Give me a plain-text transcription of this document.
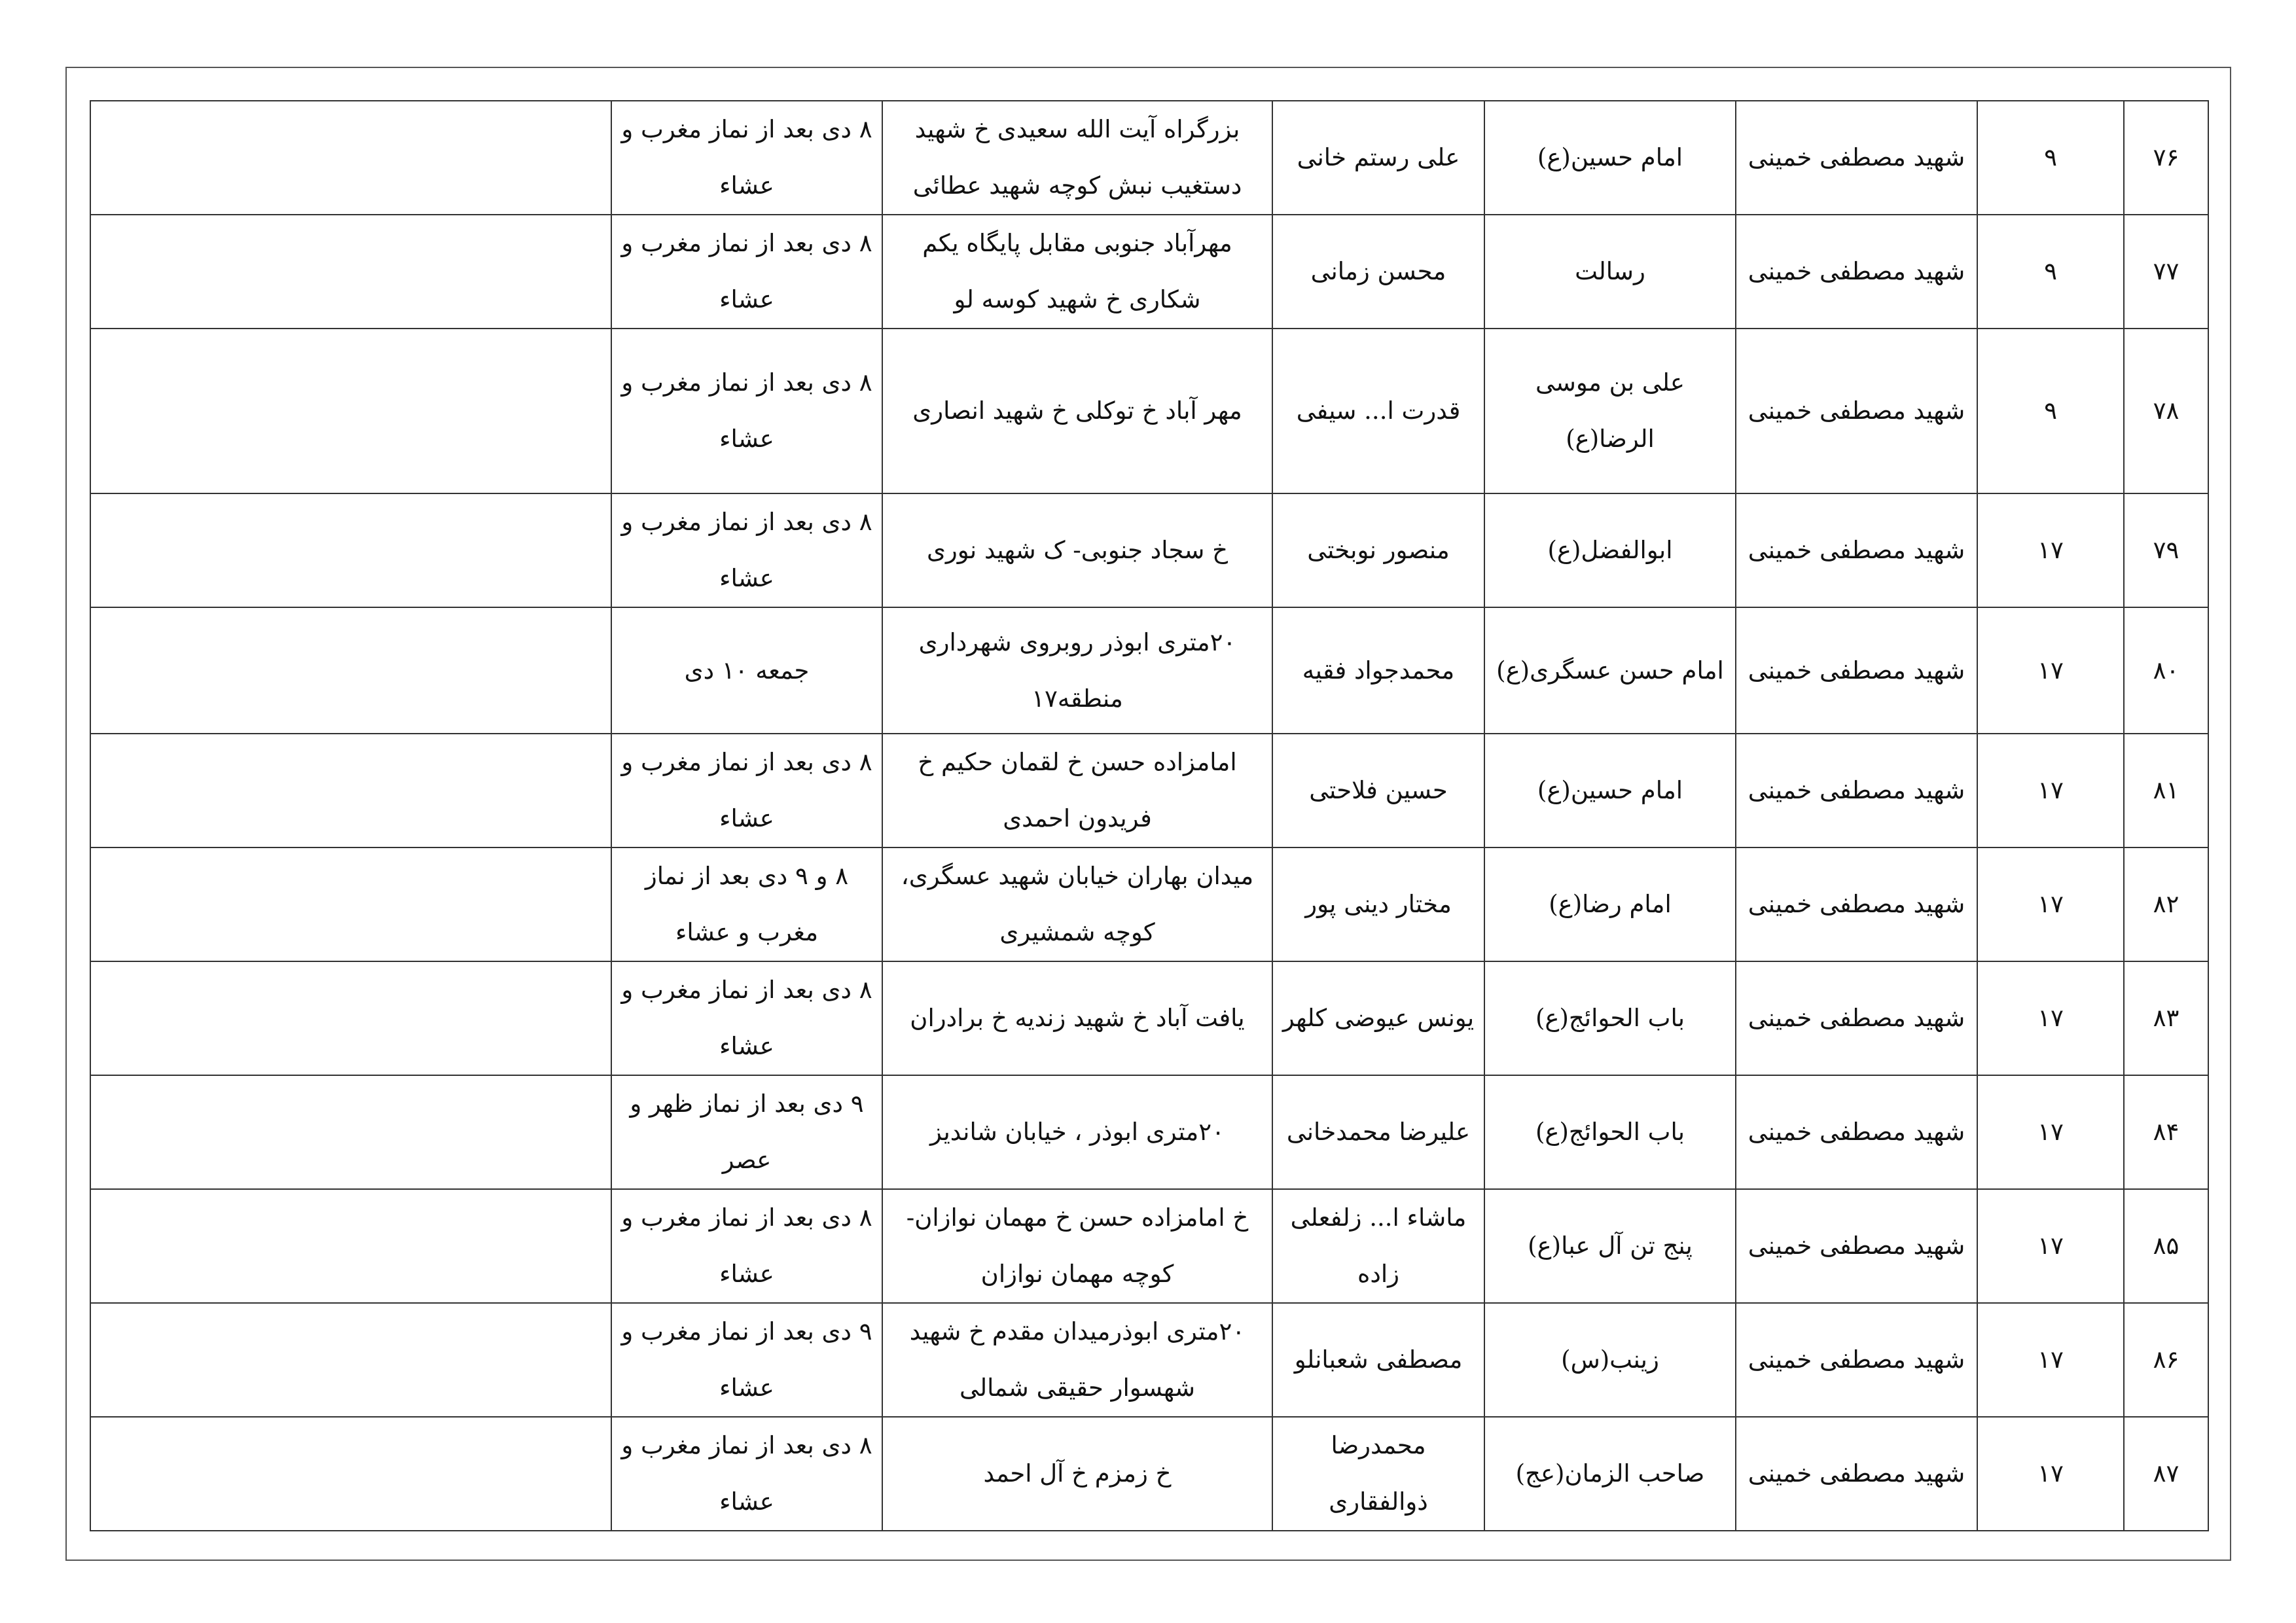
	۸ دی بعد از نماز مغرب و عشاء	بزرگراه آیت الله سعیدی خ شهید دستغیب نبش کوچه شهید عطائی	علی رستم خانی	امام حسین(ع)	شهید مصطفی خمینی	۹	۷۶
	۸ دی بعد از نماز مغرب و عشاء	مهرآباد جنوبی مقابل پایگاه یکم شکاری خ شهید کوسه لو	محسن زمانی	رسالت	شهید مصطفی خمینی	۹	۷۷
	۸ دی بعد از نماز مغرب و عشاء	مهر آباد خ توکلی خ شهید انصاری	قدرت ا... سیفی	علی بن موسی الرضا(ع)	شهید مصطفی خمینی	۹	۷۸
	۸ دی بعد از نماز مغرب و عشاء	خ سجاد جنوبی- ک شهید نوری	منصور نوبختی	ابوالفضل(ع)	شهید مصطفی خمینی	۱۷	۷۹
	جمعه ۱۰ دی	۲۰متری ابوذر روبروی شهرداری منطقه۱۷	محمدجواد فقیه	امام حسن عسگری(ع)	شهید مصطفی خمینی	۱۷	۸۰
	۸ دی بعد از نماز مغرب و عشاء	امامزاده حسن خ لقمان حکیم خ فریدون احمدی	حسین فلاحتی	امام حسین(ع)	شهید مصطفی خمینی	۱۷	۸۱
	۸ و ۹ دی بعد از نماز مغرب و عشاء	میدان بهاران خیابان شهید عسگری، کوچه شمشیری	مختار دینی پور	امام رضا(ع)	شهید مصطفی خمینی	۱۷	۸۲
	۸ دی بعد از نماز مغرب و عشاء	یافت آباد خ شهید زندیه خ برادران	یونس عیوضی کلهر	باب الحوائج(ع)	شهید مصطفی خمینی	۱۷	۸۳
	۹ دی بعد از نماز ظهر و عصر	۲۰متری ابوذر ، خیابان شاندیز	علیرضا محمدخانی	باب الحوائج(ع)	شهید مصطفی خمینی	۱۷	۸۴
	۸ دی بعد از نماز مغرب و عشاء	خ امامزاده حسن خ مهمان نوازان- کوچه مهمان نوازان	ماشاء ا... زلفعلی زاده	پنج تن آل عبا(ع)	شهید مصطفی خمینی	۱۷	۸۵
	۹ دی بعد از نماز مغرب و عشاء	۲۰متری ابوذرمیدان مقدم خ شهید شهسوار حقیقی شمالی	مصطفی شعبانلو	زینب(س)	شهید مصطفی خمینی	۱۷	۸۶
	۸ دی بعد از نماز مغرب و عشاء	خ زمزم خ آل احمد	محمدرضا ذوالفقاری	صاحب الزمان(عج)	شهید مصطفی خمینی	۱۷	۸۷
